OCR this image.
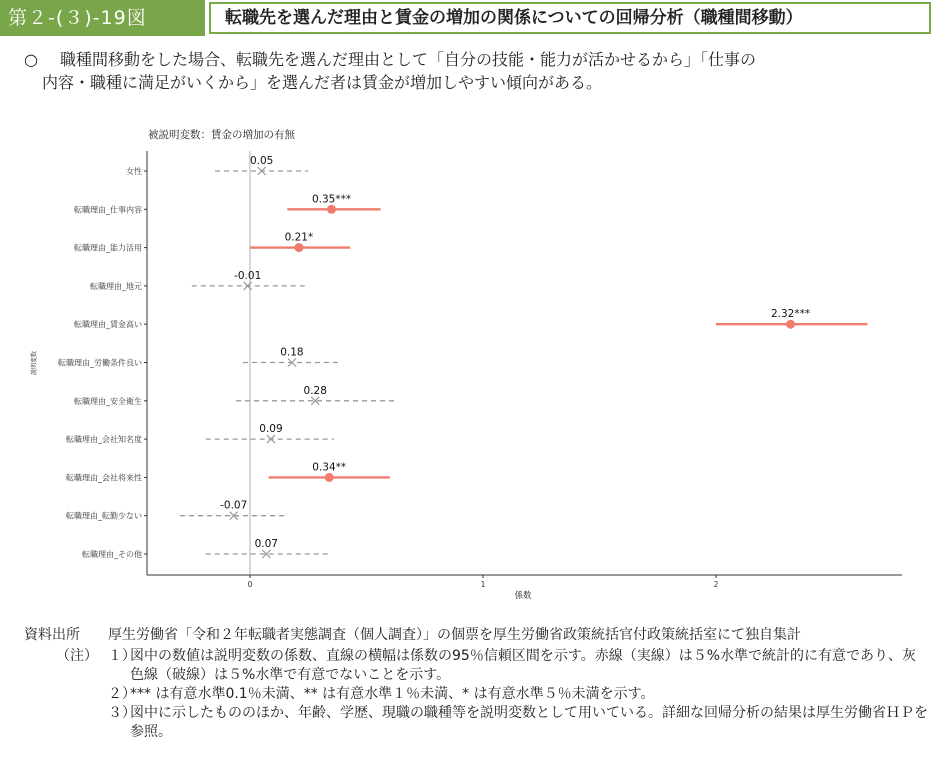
第２-(３)-19図	転職先を選んだ理由と賃金の増加の関係についての回帰分析（職種間移動）
○ 職種間移動をした場合、転職先を選んだ理由として「自分の技能・能力が活かせるから」「仕事の
内容・職種に満足がいくから」を選んだ者は賃金が増加しやすい傾向がある。
被説明変数：賃金の増加の有無
0	1	2
女性
0.05
転職理由_仕事内容
0.35***
転職理由_能力活用
0.21*
転職理由_地元
-0.01
転職理由_賃金高い
2.32***
転職理由_労働条件良い
0.18
転職理由_安全衛生
0.28
転職理由_会社知名度
0.09
転職理由_会社将来性
0.34**
転職理由_転勤少ない
-0.07
転職理由_その他
0.07
係数
説明変数
資料出所 厚生労働省「令和２年転職者実態調査（個人調査）」の個票を厚生労働省政策統括官付政策統括室にて独自集計
（注） １）
図中の数値は説明変数の係数、直線の横幅は係数の95％信頼区間を示す。赤線（実線）は５%水準で統計的に有意であり、灰色線（破線）は５%水準で有意でないことを示す。
２）
*** は有意水準0.1％未満、** は有意水準１％未満、* は有意水準５％未満を示す。
３）
図中に示したもののほか、年齢、学歴、現職の職種等を説明変数として用いている。詳細な回帰分析の結果は厚生労働省ＨＰを参照。
